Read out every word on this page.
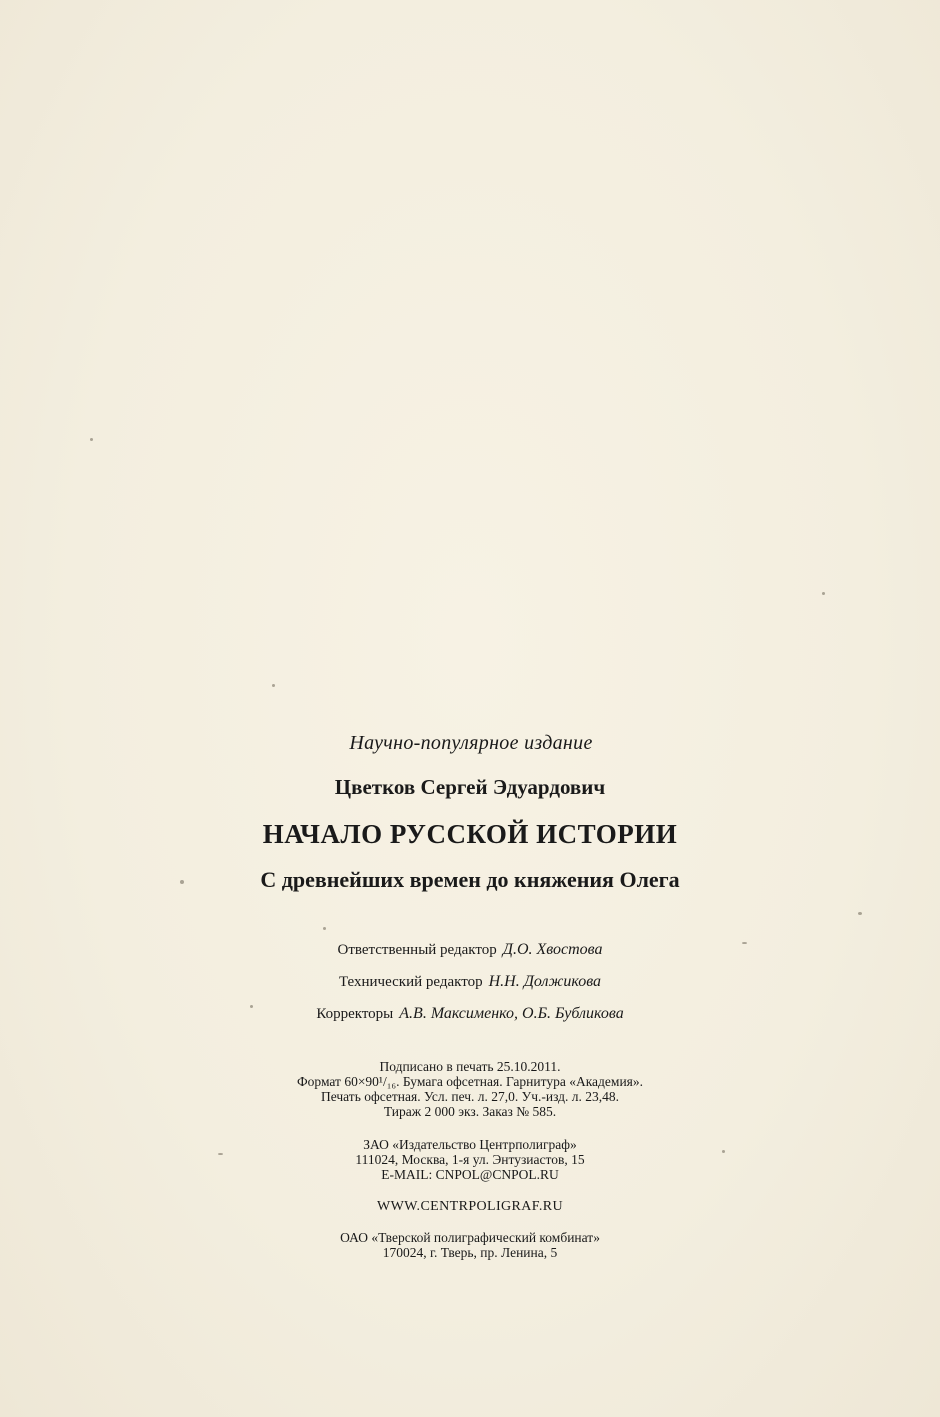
Научно-популярное издание
Цветков Сергей Эдуардович
НАЧАЛО РУССКОЙ ИСТОРИИ
С древнейших времен до княжения Олега
Ответственный редактор Д.О. Хвостова
Технический редактор Н.Н. Должикова
Корректоры А.В. Максименко, О.Б. Бубликова
Подписано в печать 25.10.2011.
Формат 60×90¹/₁₆. Бумага офсетная. Гарнитура «Академия».
Печать офсетная. Усл. печ. л. 27,0. Уч.-изд. л. 23,48.
Тираж 2 000 экз. Заказ № 585.
ЗАО «Издательство Центрполиграф»
111024, Москва, 1-я ул. Энтузиастов, 15
E-MAIL: CNPOL@CNPOL.RU
WWW.CENTRPOLIGRAF.RU
ОАО «Тверской полиграфический комбинат»
170024, г. Тверь, пр. Ленина, 5
